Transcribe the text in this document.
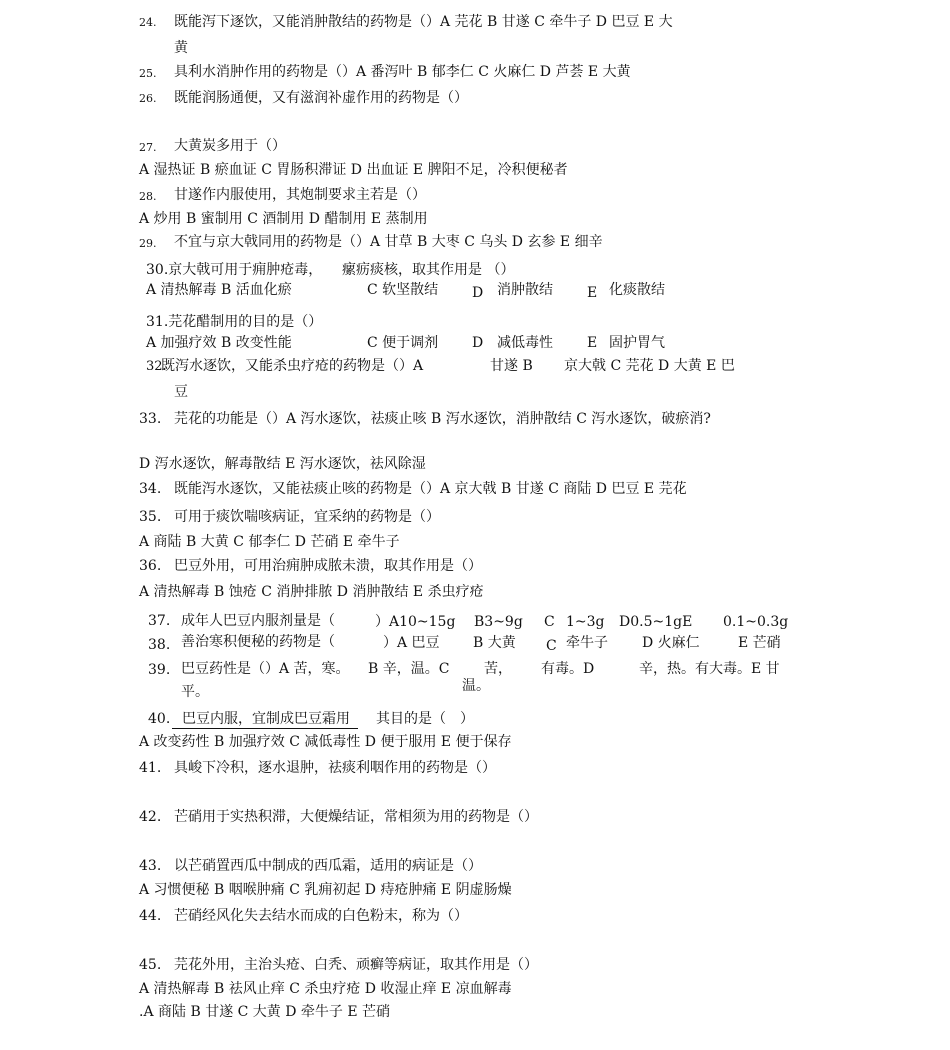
24. 既能泻下逐饮，又能消肿散结的药物是（）A 芫花 B 甘遂 C 牵牛子 D 巴豆 E 大
黄
25. 具利水消肿作用的药物是（）A 番泻叶 B 郁李仁 C 火麻仁 D 芦荟 E 大黄
26. 既能润肠通便，又有滋润补虚作用的药物是（）
27. 大黄炭多用于（）
A 湿热证 B 瘀血证 C 胃肠积滞证 D 出血证 E 脾阳不足，冷积便秘者
28. 甘遂作内服使用，其炮制要求主若是（）
A 炒用 B 蜜制用 C 酒制用 D 醋制用 E 蒸制用
29. 不宜与京大戟同用的药物是（）A 甘草 B 大枣 C 乌头 D 玄参 E 细辛
30.京大戟可用于痈肿疮毒， 瘰疬痰核，取其作用是 （）
A 清热解毒 B 活血化瘀	C 软坚散结 D 消肿散结 E 化痰散结
31.芫花醋制用的目的是（）
A 加强疗效 B 改变性能	C 便于调剂 D 减低毒性 E 固护胃气
32.
既泻水逐饮，又能杀虫疗疮的药物是（）A	甘遂 B 京大戟 C 芫花 D 大黄 E 巴
豆
33. 芫花的功能是（）A 泻水逐饮，祛痰止咳 B 泻水逐饮，消肿散结 C 泻水逐饮，破瘀消?
D 泻水逐饮，解毒散结 E 泻水逐饮，祛风除湿
34. 既能泻水逐饮，又能祛痰止咳的药物是（）A 京大戟 B 甘遂 C 商陆 D 巴豆 E 芫花
35. 可用于痰饮喘咳病证，宜采纳的药物是（）
A 商陆 B 大黄 C 郁李仁 D 芒硝 E 牵牛子
36. 巴豆外用，可用治痈肿成脓未溃，取其作用是（）
A 清热解毒 B 蚀疮 C 消肿排脓 D 消肿散结 E 杀虫疗疮
37. 成年人巴豆内服剂量是（	）A10~15g B3~9g C 1~3g D0.5~1gE 0.1~0.3g
38. 善治寒积便秘的药物是（	）A 巴豆 B 大黄 C 牵牛子 D 火麻仁	E 芒硝
39. 巴豆药性是（）A 苦，寒。 B 辛，温。C 苦， 有毒。D	辛，热。有大毒。E 甘
平。	温。
40. 巴豆内服，宜制成巴豆霜用	其目的是（　）
A 改变药性 B 加强疗效 C 减低毒性 D 便于服用 E 便于保存
41. 具峻下冷积，逐水退肿，祛痰利咽作用的药物是（）
42. 芒硝用于实热积滞，大便燥结证，常相须为用的药物是（）
43. 以芒硝置西瓜中制成的西瓜霜，适用的病证是（）
A 习惯便秘 B 咽喉肿痛 C 乳痈初起 D 痔疮肿痛 E 阴虚肠燥
44. 芒硝经风化失去结水而成的白色粉末，称为（）
45. 芫花外用，主治头疮、白秃、顽癣等病证，取其作用是（）
A 清热解毒 B 祛风止痒 C 杀虫疗疮 D 收湿止痒 E 凉血解毒
.A 商陆 B 甘遂 C 大黄 D 牵牛子 E 芒硝
